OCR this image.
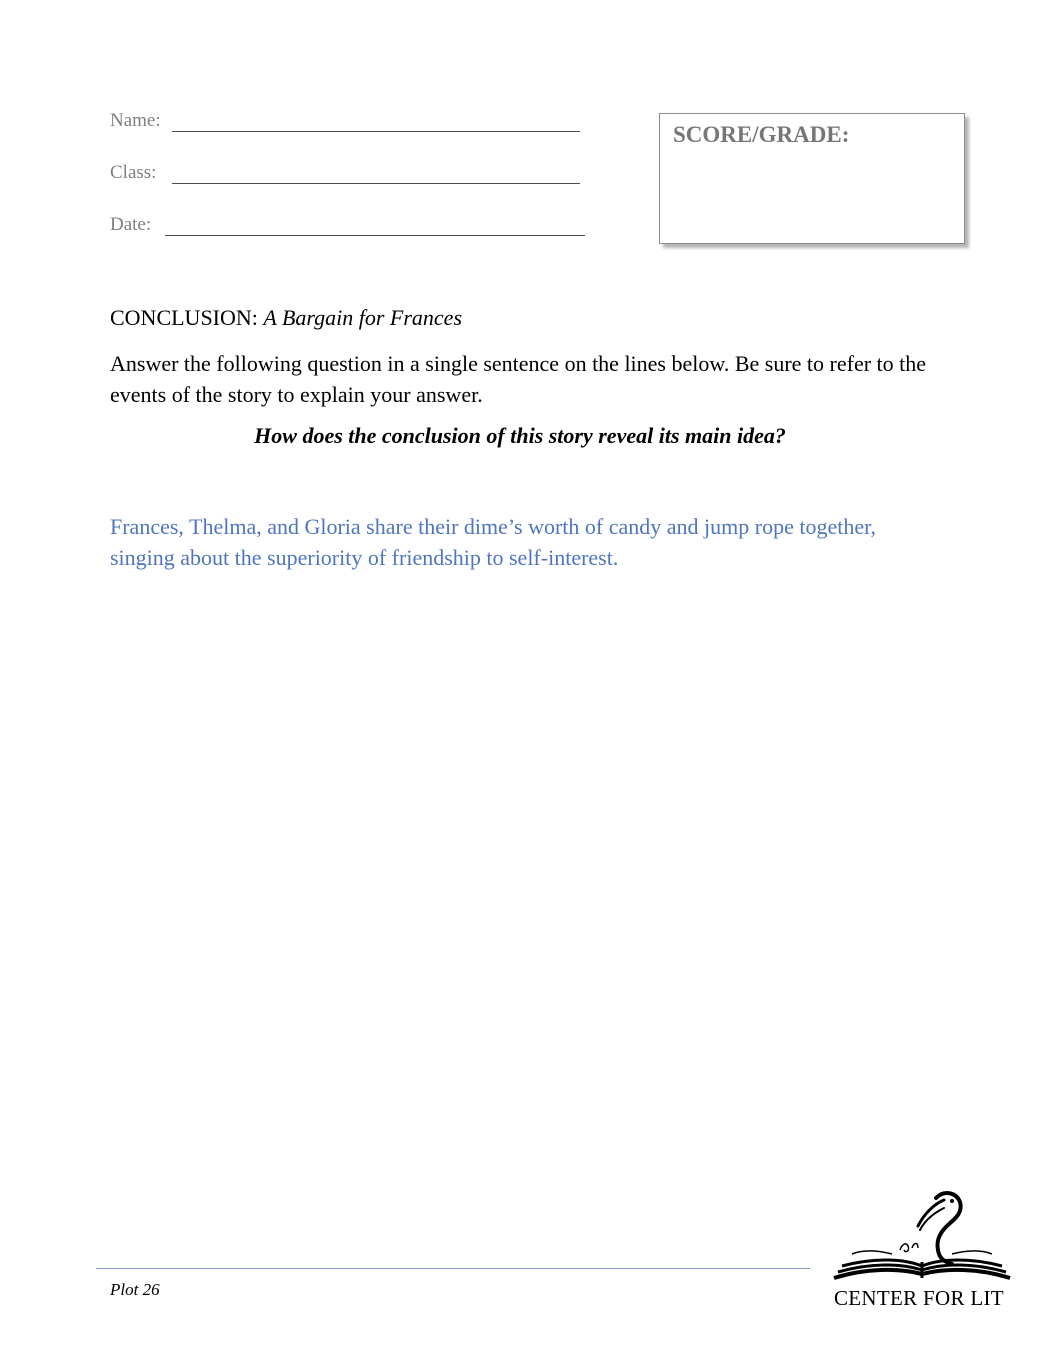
Name:
Class:
Date:
SCORE/GRADE:
CONCLUSION: A Bargain for Frances
Answer the following question in a single sentence on the lines below. Be sure to refer to the events of the story to explain your answer.
How does the conclusion of this story reveal its main idea?
Frances, Thelma, and Gloria share their dime’s worth of candy and jump rope together, singing about the superiority of friendship to self-interest.
Plot 26	CENTER FOR LIT
